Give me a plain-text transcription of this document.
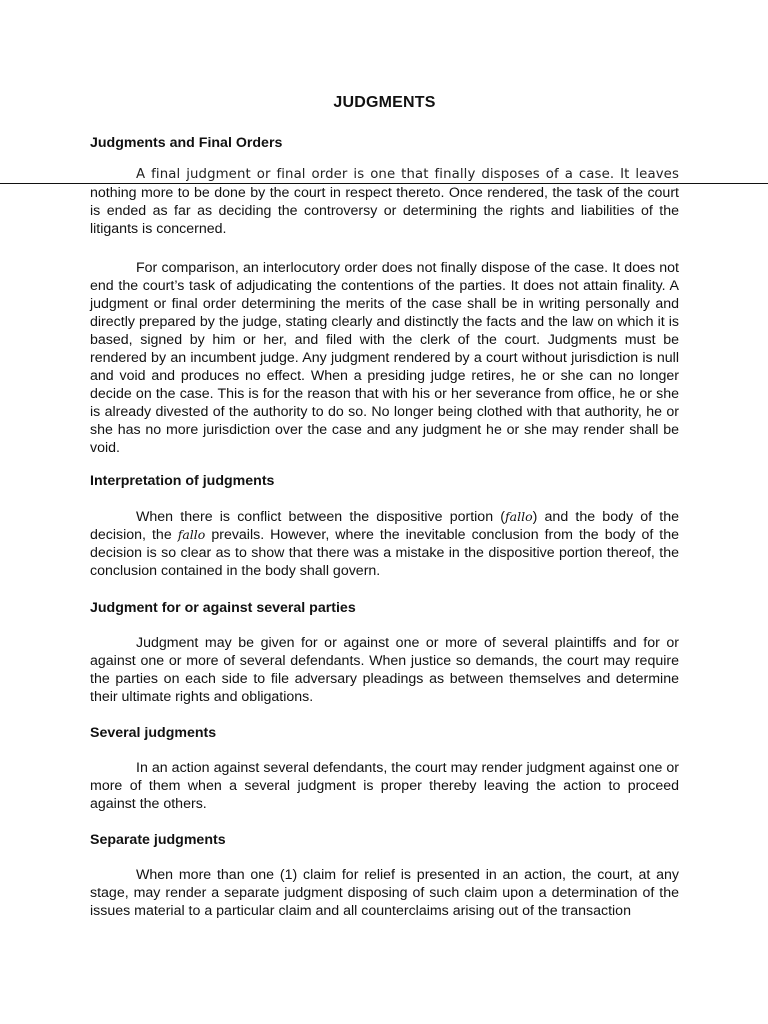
JUDGMENTS
Judgments and Final Orders

A final judgment or final order is one that finally disposes of a case. It leaves
nothing more to be done by the court in respect thereto. Once rendered, the task of the court is ended as far as deciding the controversy or determining the rights and liabilities of the litigants is concerned.

For comparison, an interlocutory order does not finally dispose of the case. It does not end the court’s task of adjudicating the contentions of the parties. It does not attain finality. A judgment or final order determining the merits of the case shall be in writing personally and directly prepared by the judge, stating clearly and distinctly the facts and the law on which it is based, signed by him or her, and filed with the clerk of the court. Judgments must be rendered by an incumbent judge. Any judgment rendered by a court without jurisdiction is null and void and produces no effect. When a presiding judge retires, he or she can no longer decide on the case. This is for the reason that with his or her severance from office, he or she is already divested of the authority to do so. No longer being clothed with that authority, he or she has no more jurisdiction over the case and any judgment he or she may render shall be void.

Interpretation of judgments

When there is conflict between the dispositive portion (fallo) and the body of the decision, the fallo prevails. However, where the inevitable conclusion from the body of the decision is so clear as to show that there was a mistake in the dispositive portion thereof, the conclusion contained in the body shall govern.

Judgment for or against several parties

Judgment may be given for or against one or more of several plaintiffs and for or against one or more of several defendants. When justice so demands, the court may require the parties on each side to file adversary pleadings as between themselves and determine their ultimate rights and obligations.

Several judgments

In an action against several defendants, the court may render judgment against one or more of them when a several judgment is proper thereby leaving the action to proceed against the others.

Separate judgments

When more than one (1) claim for relief is presented in an action, the court, at any stage, may render a separate judgment disposing of such claim upon a determination of the issues material to a particular claim and all counterclaims arising out of the transaction
